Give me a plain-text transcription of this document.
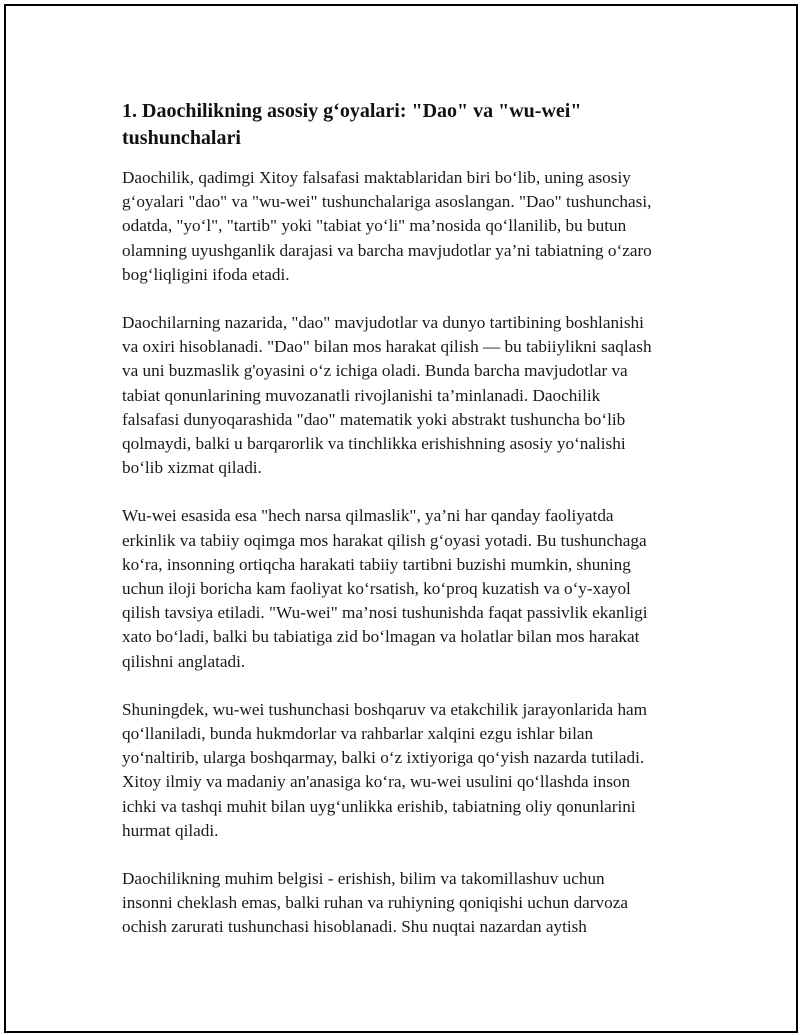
1. Daochilikning asosiy g‘oyalari: "Dao" va "wu-wei"
tushunchalari

Daochilik, qadimgi Xitoy falsafasi maktablaridan biri bo‘lib, uning asosiy
g‘oyalari "dao" va "wu-wei" tushunchalariga asoslangan. "Dao" tushunchasi,
odatda, "yo‘l", "tartib" yoki "tabiat yo‘li" ma’nosida qo‘llanilib, bu butun
olamning uyushganlik darajasi va barcha mavjudotlar ya’ni tabiatning o‘zaro
bog‘liqligini ifoda etadi.

Daochilarning nazarida, "dao" mavjudotlar va dunyo tartibining boshlanishi
va oxiri hisoblanadi. "Dao" bilan mos harakat qilish — bu tabiiylikni saqlash
va uni buzmaslik g'oyasini o‘z ichiga oladi. Bunda barcha mavjudotlar va
tabiat qonunlarining muvozanatli rivojlanishi ta’minlanadi. Daochilik
falsafasi dunyoqarashida "dao" matematik yoki abstrakt tushuncha bo‘lib
qolmaydi, balki u barqarorlik va tinchlikka erishishning asosiy yo‘nalishi
bo‘lib xizmat qiladi.

Wu-wei esasida esa "hech narsa qilmaslik", ya’ni har qanday faoliyatda
erkinlik va tabiiy oqimga mos harakat qilish g‘oyasi yotadi. Bu tushunchaga
ko‘ra, insonning ortiqcha harakati tabiiy tartibni buzishi mumkin, shuning
uchun iloji boricha kam faoliyat ko‘rsatish, ko‘proq kuzatish va o‘y-xayol
qilish tavsiya etiladi. "Wu-wei" ma’nosi tushunishda faqat passivlik ekanligi
xato bo‘ladi, balki bu tabiatiga zid bo‘lmagan va holatlar bilan mos harakat
qilishni anglatadi.

Shuningdek, wu-wei tushunchasi boshqaruv va etakchilik jarayonlarida ham
qo‘llaniladi, bunda hukmdorlar va rahbarlar xalqini ezgu ishlar bilan
yo‘naltirib, ularga boshqarmay, balki o‘z ixtiyoriga qo‘yish nazarda tutiladi.
Xitoy ilmiy va madaniy an'anasiga ko‘ra, wu-wei usulini qo‘llashda inson
ichki va tashqi muhit bilan uyg‘unlikka erishib, tabiatning oliy qonunlarini
hurmat qiladi.

Daochilikning muhim belgisi - erishish, bilim va takomillashuv uchun
insonni cheklash emas, balki ruhan va ruhiyning qoniqishi uchun darvoza
ochish zarurati tushunchasi hisoblanadi. Shu nuqtai nazardan aytish
